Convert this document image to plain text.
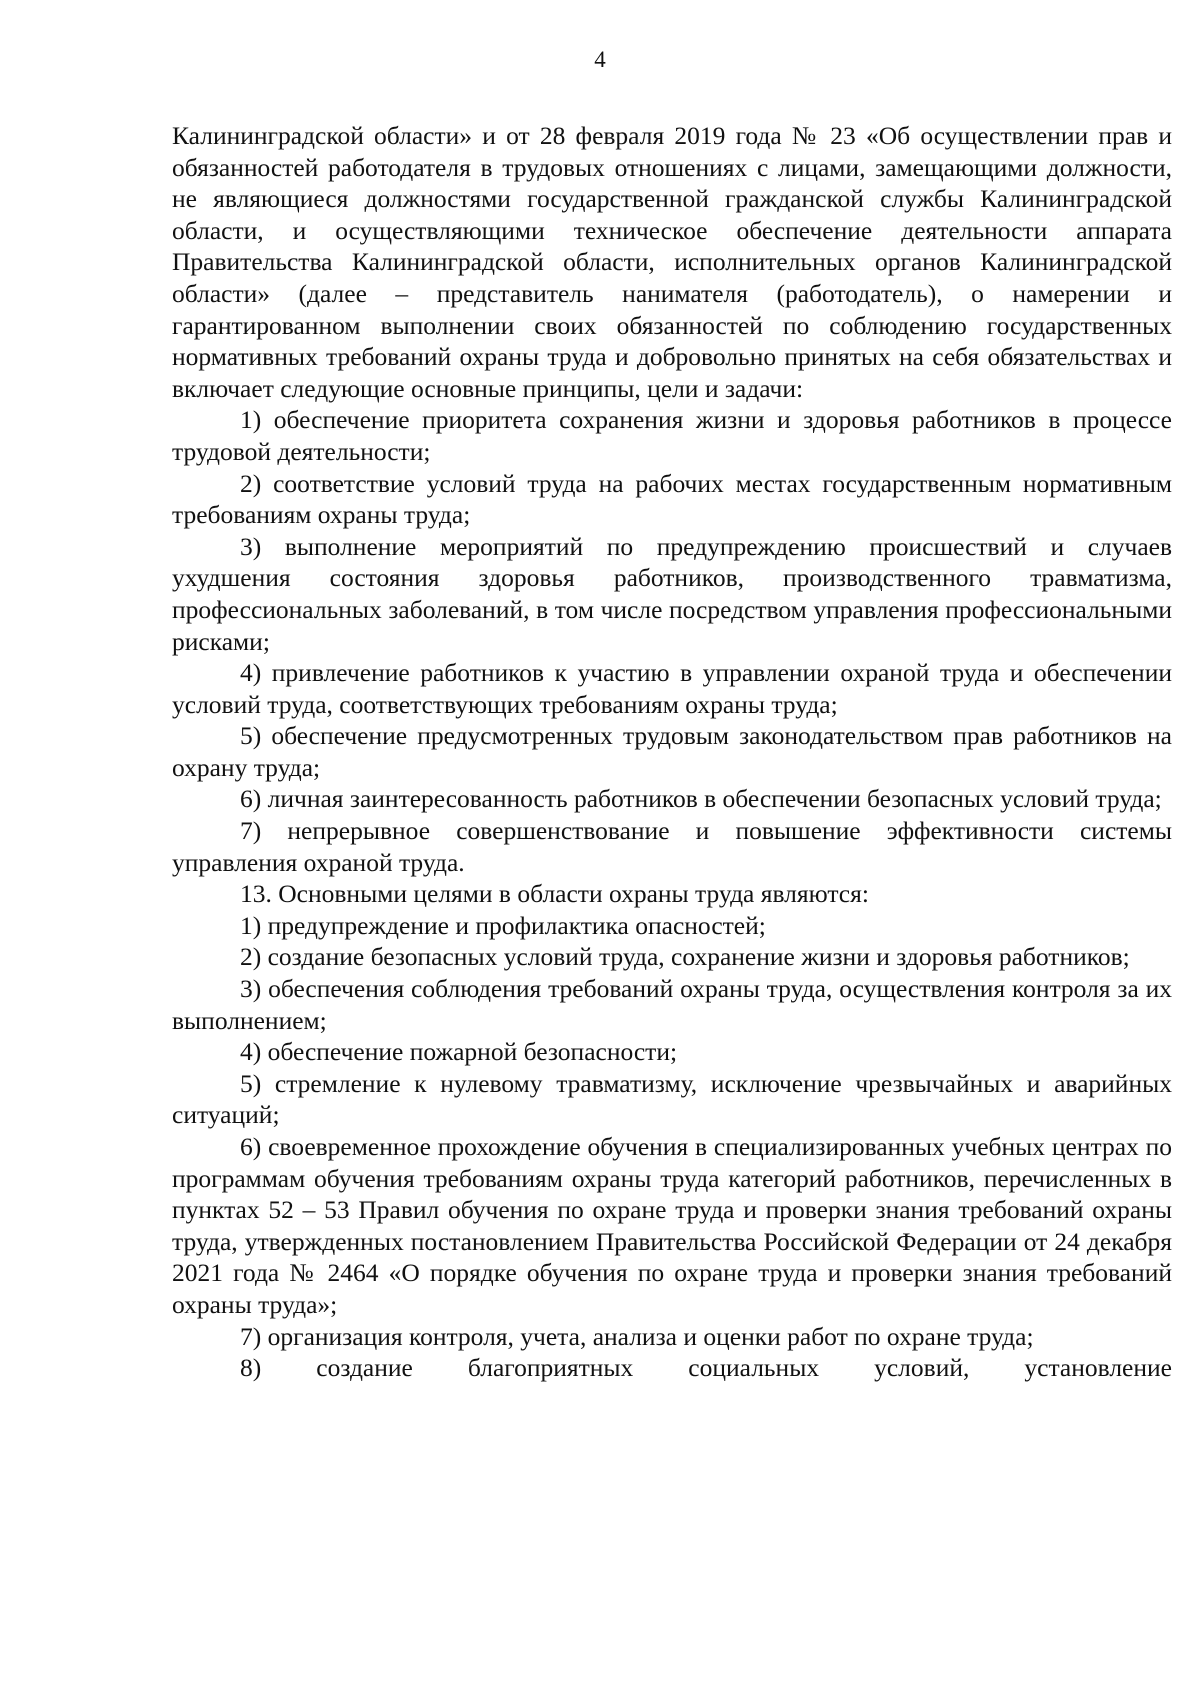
4

Калининградской области» и от 28 февраля 2019 года № 23 «Об осуществлении прав и обязанностей работодателя в трудовых отношениях с лицами, замещающими должности, не являющиеся должностями государственной гражданской службы Калининградской области, и осуществляющими техническое обеспечение деятельности аппарата Правительства Калининградской области, исполнительных органов Калининградской области» (далее – представитель нанимателя (работодатель), о намерении и гарантированном выполнении своих обязанностей по соблюдению государственных нормативных требований охраны труда и добровольно принятых на себя обязательствах и включает следующие основные принципы, цели и задачи:

1) обеспечение приоритета сохранения жизни и здоровья работников в процессе трудовой деятельности;

2) соответствие условий труда на рабочих местах государственным нормативным требованиям охраны труда;

3) выполнение мероприятий по предупреждению происшествий и случаев ухудшения состояния здоровья работников, производственного травматизма, профессиональных заболеваний, в том числе посредством управления профессиональными рисками;

4) привлечение работников к участию в управлении охраной труда и обеспечении условий труда, соответствующих требованиям охраны труда;

5) обеспечение предусмотренных трудовым законодательством прав работников на охрану труда;

6) личная заинтересованность работников в обеспечении безопасных условий труда;

7) непрерывное совершенствование и повышение эффективности системы управления охраной труда.

13. Основными целями в области охраны труда являются:

1) предупреждение и профилактика опасностей;

2) создание безопасных условий труда, сохранение жизни и здоровья работников;

3) обеспечения соблюдения требований охраны труда, осуществления контроля за их выполнением;

4) обеспечение пожарной безопасности;

5) стремление к нулевому травматизму, исключение чрезвычайных и аварийных ситуаций;

6) своевременное прохождение обучения в специализированных учебных центрах по программам обучения требованиям охраны труда категорий работников, перечисленных в пунктах 52 – 53 Правил обучения по охране труда и проверки знания требований охраны труда, утвержденных постановлением Правительства Российской Федерации от 24 декабря 2021 года № 2464 «О порядке обучения по охране труда и проверки знания требований охраны труда»;

7) организация контроля, учета, анализа и оценки работ по охране труда;

8) создание благоприятных социальных условий, установление
